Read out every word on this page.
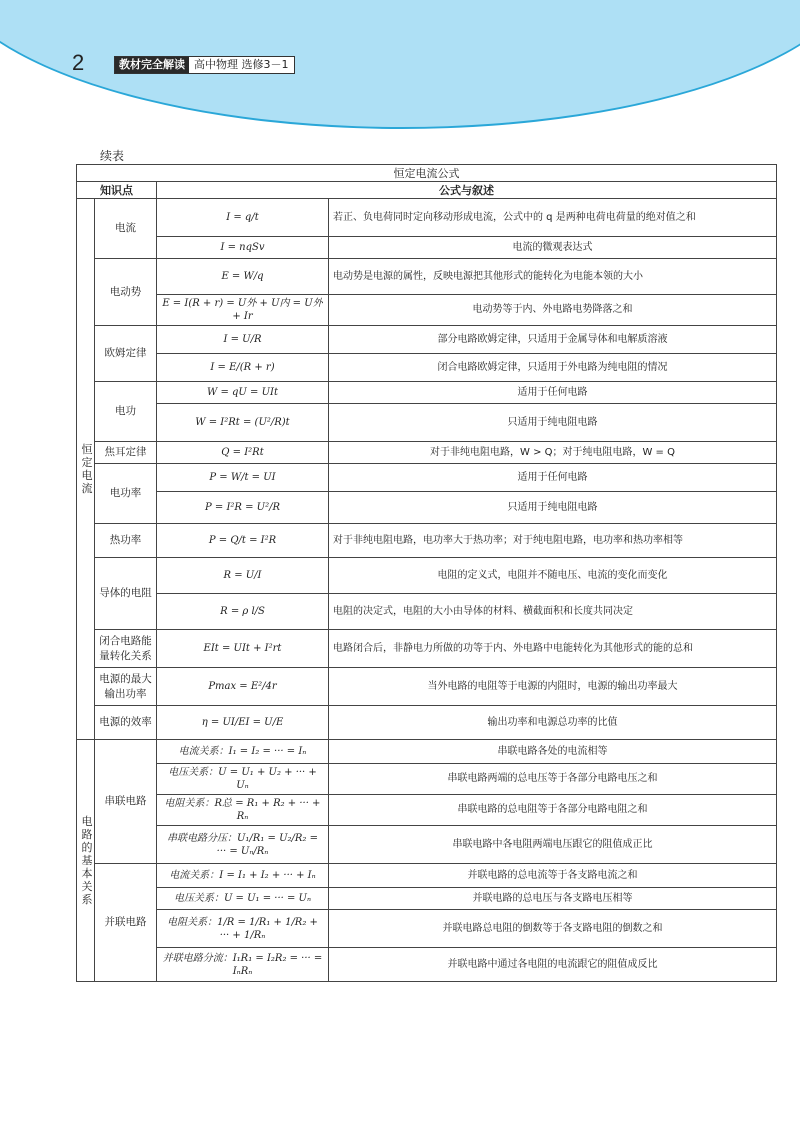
2	教材完全解读 高中物理 选修3－1
续表
恒定电流公式			
知识点		公式与叙述	
恒定电流	电流	I = q/t	若正、负电荷同时定向移动形成电流，公式中的 q 是两种电荷电荷量的绝对值之和
		I = nqSv	电流的微观表达式
	电动势	E = W/q	电动势是电源的属性，反映电源把其他形式的能转化为电能本领的大小
		E = I(R + r) = U外 + U内 = U外 + Ir	电动势等于内、外电路电势降落之和
	欧姆定律	I = U/R	部分电路欧姆定律，只适用于金属导体和电解质溶液
		I = E/(R + r)	闭合电路欧姆定律，只适用于外电路为纯电阻的情况
	电功	W = qU = UIt	适用于任何电路
		W = I²Rt = (U²/R)t	只适用于纯电阻电路
	焦耳定律	Q = I²Rt	对于非纯电阻电路，W > Q；对于纯电阻电路，W = Q
	电功率	P = W/t = UI	适用于任何电路
		P = I²R = U²/R	只适用于纯电阻电路
	热功率	P = Q/t = I²R	对于非纯电阻电路，电功率大于热功率；对于纯电阻电路，电功率和热功率相等
	导体的电阻	R = U/I	电阻的定义式，电阻并不随电压、电流的变化而变化
		R = ρ l/S	电阻的决定式，电阻的大小由导体的材料、横截面积和长度共同决定
	闭合电路能量转化关系	EIt = UIt + I²rt	电路闭合后，非静电力所做的功等于内、外电路中电能转化为其他形式的能的总和
	电源的最大输出功率	Pmax = E²/4r	当外电路的电阻等于电源的内阻时，电源的输出功率最大
	电源的效率	η = UI/EI = U/E	输出功率和电源总功率的比值
电路的基本关系	串联电路	电流关系：I₁ = I₂ = ··· = Iₙ	串联电路各处的电流相等
		电压关系：U = U₁ + U₂ + ··· + Uₙ	串联电路两端的总电压等于各部分电路电压之和
		电阻关系：R总 = R₁ + R₂ + ··· + Rₙ	串联电路的总电阻等于各部分电路电阻之和
		串联电路分压：U₁/R₁ = U₂/R₂ = ··· = Uₙ/Rₙ	串联电路中各电阻两端电压跟它的阻值成正比
	并联电路	电流关系：I = I₁ + I₂ + ··· + Iₙ	并联电路的总电流等于各支路电流之和
		电压关系：U = U₁ = ··· = Uₙ	并联电路的总电压与各支路电压相等
		电阻关系：1/R = 1/R₁ + 1/R₂ + ··· + 1/Rₙ	并联电路总电阻的倒数等于各支路电阻的倒数之和
		并联电路分流：I₁R₁ = I₂R₂ = ··· = IₙRₙ	并联电路中通过各电阻的电流跟它的阻值成反比
